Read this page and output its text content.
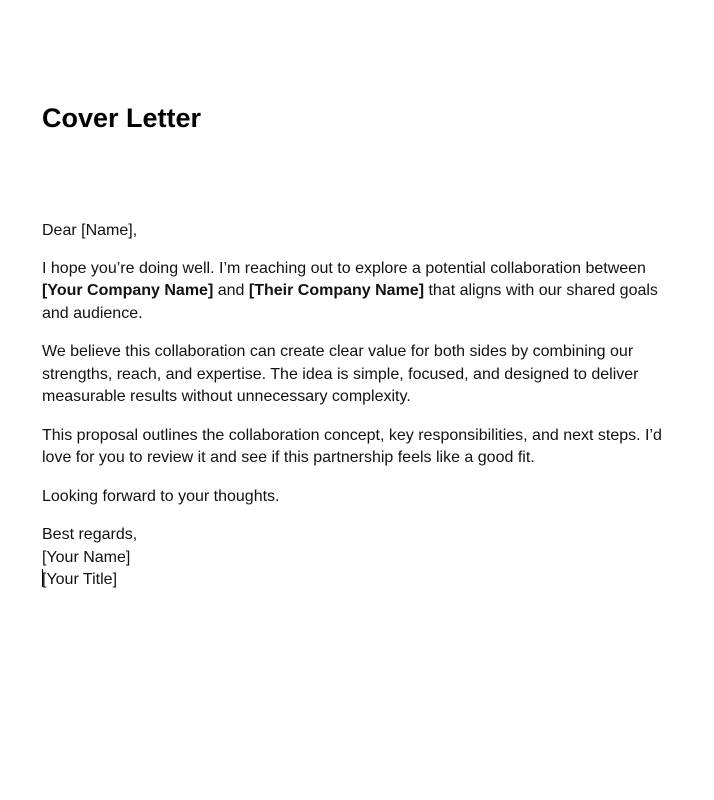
Cover Letter

Dear [Name],

I hope you’re doing well. I’m reaching out to explore a potential collaboration between [Your Company Name] and [Their Company Name] that aligns with our shared goals and audience.

We believe this collaboration can create clear value for both sides by combining our strengths, reach, and expertise. The idea is simple, focused, and designed to deliver measurable results without unnecessary complexity.

This proposal outlines the collaboration concept, key responsibilities, and next steps. I’d love for you to review it and see if this partnership feels like a good fit.

Looking forward to your thoughts.

Best regards,
[Your Name]
[Your Title]
